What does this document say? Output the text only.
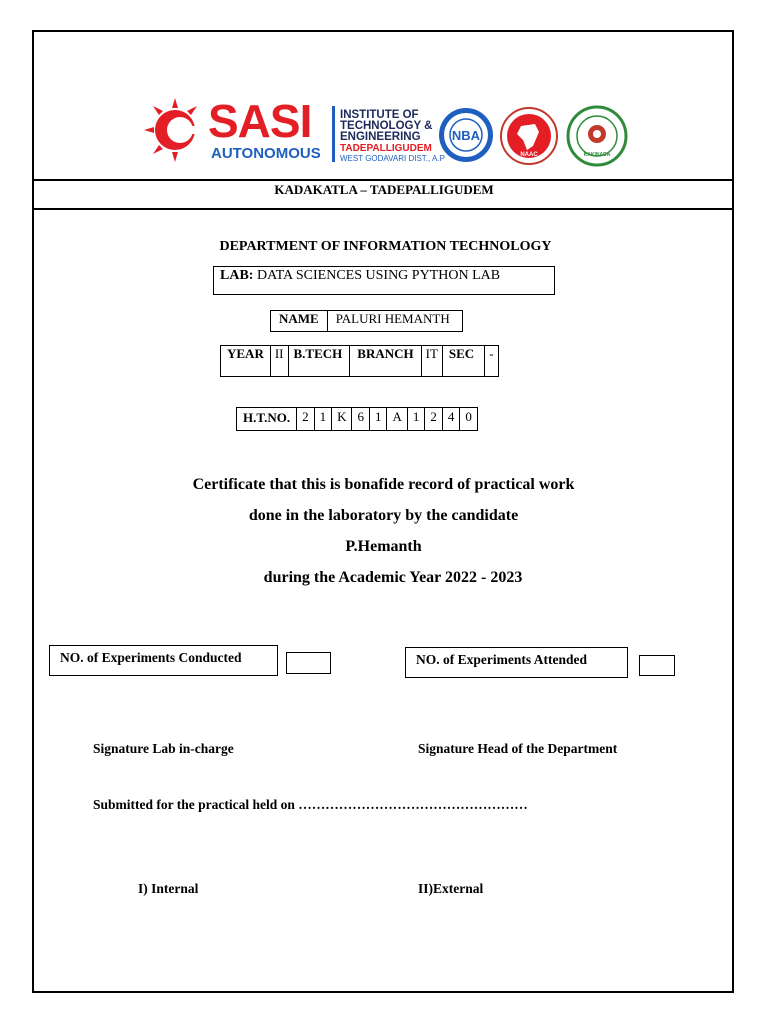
SASI
AUTONOMOUS
INSTITUTE OF
TECHNOLOGY &
ENGINEERING
TADEPALLIGUDEM
WEST GODAVARI DIST., A.P
NBA
NAAC	KAKINADA
KADAKATLA – TADEPALLIGUDEM
DEPARTMENT OF INFORMATION TECHNOLOGY
LAB: DATA SCIENCES USING PYTHON LAB
NAME	PALURI HEMANTH
YEAR	II	B.TECH	BRANCH	IT	SEC	-
H.T.NO.	2	1	K	6	1	A	1	2	4	0
Certificate that this is bonafide record of practical work
done in the laboratory by the candidate
P.Hemanth
during the Academic Year 2022 - 2023
NO. of Experiments Conducted	NO. of Experiments Attended
Signature Lab in-charge	Signature Head of the Department
Submitted for the practical held on ……………………………………………
I) Internal	II)External
